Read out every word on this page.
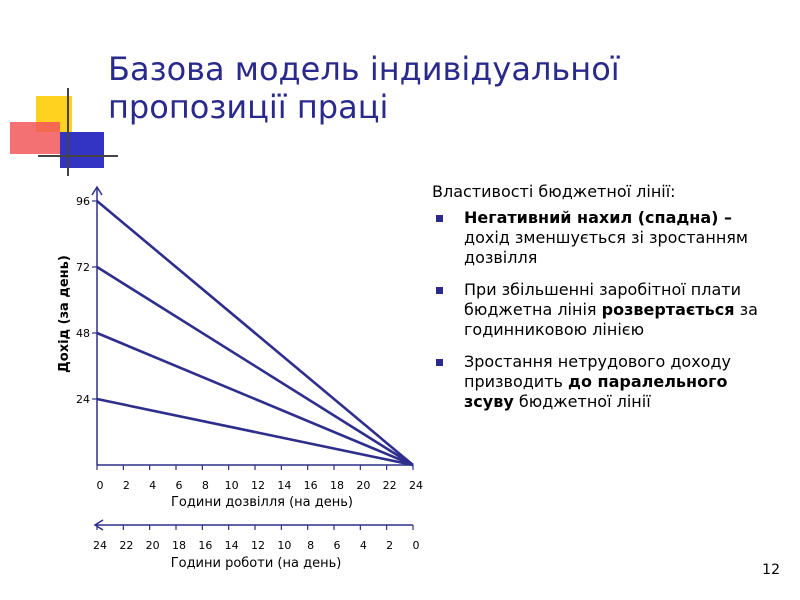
Базова модель індивідуальної пропозиції праці
Дохід (за день)
Години дозвілля (на день)
Години роботи (на день)
24
48
72
96
0 2 4 6 8 10 12 14 16 18 20 22 24
24 22 20 18 16 14 12 10 8 6 4 2 0
Властивості бюджетної лінії:
Негативний нахил (спадна) – дохід зменшується зі зростанням дозвілля
При збільшенні заробітної плати бюджетна лінія розвертається за годинниковою лінією
Зростання нетрудового доходу призводить до паралельного зсуву бюджетної лінії
12
